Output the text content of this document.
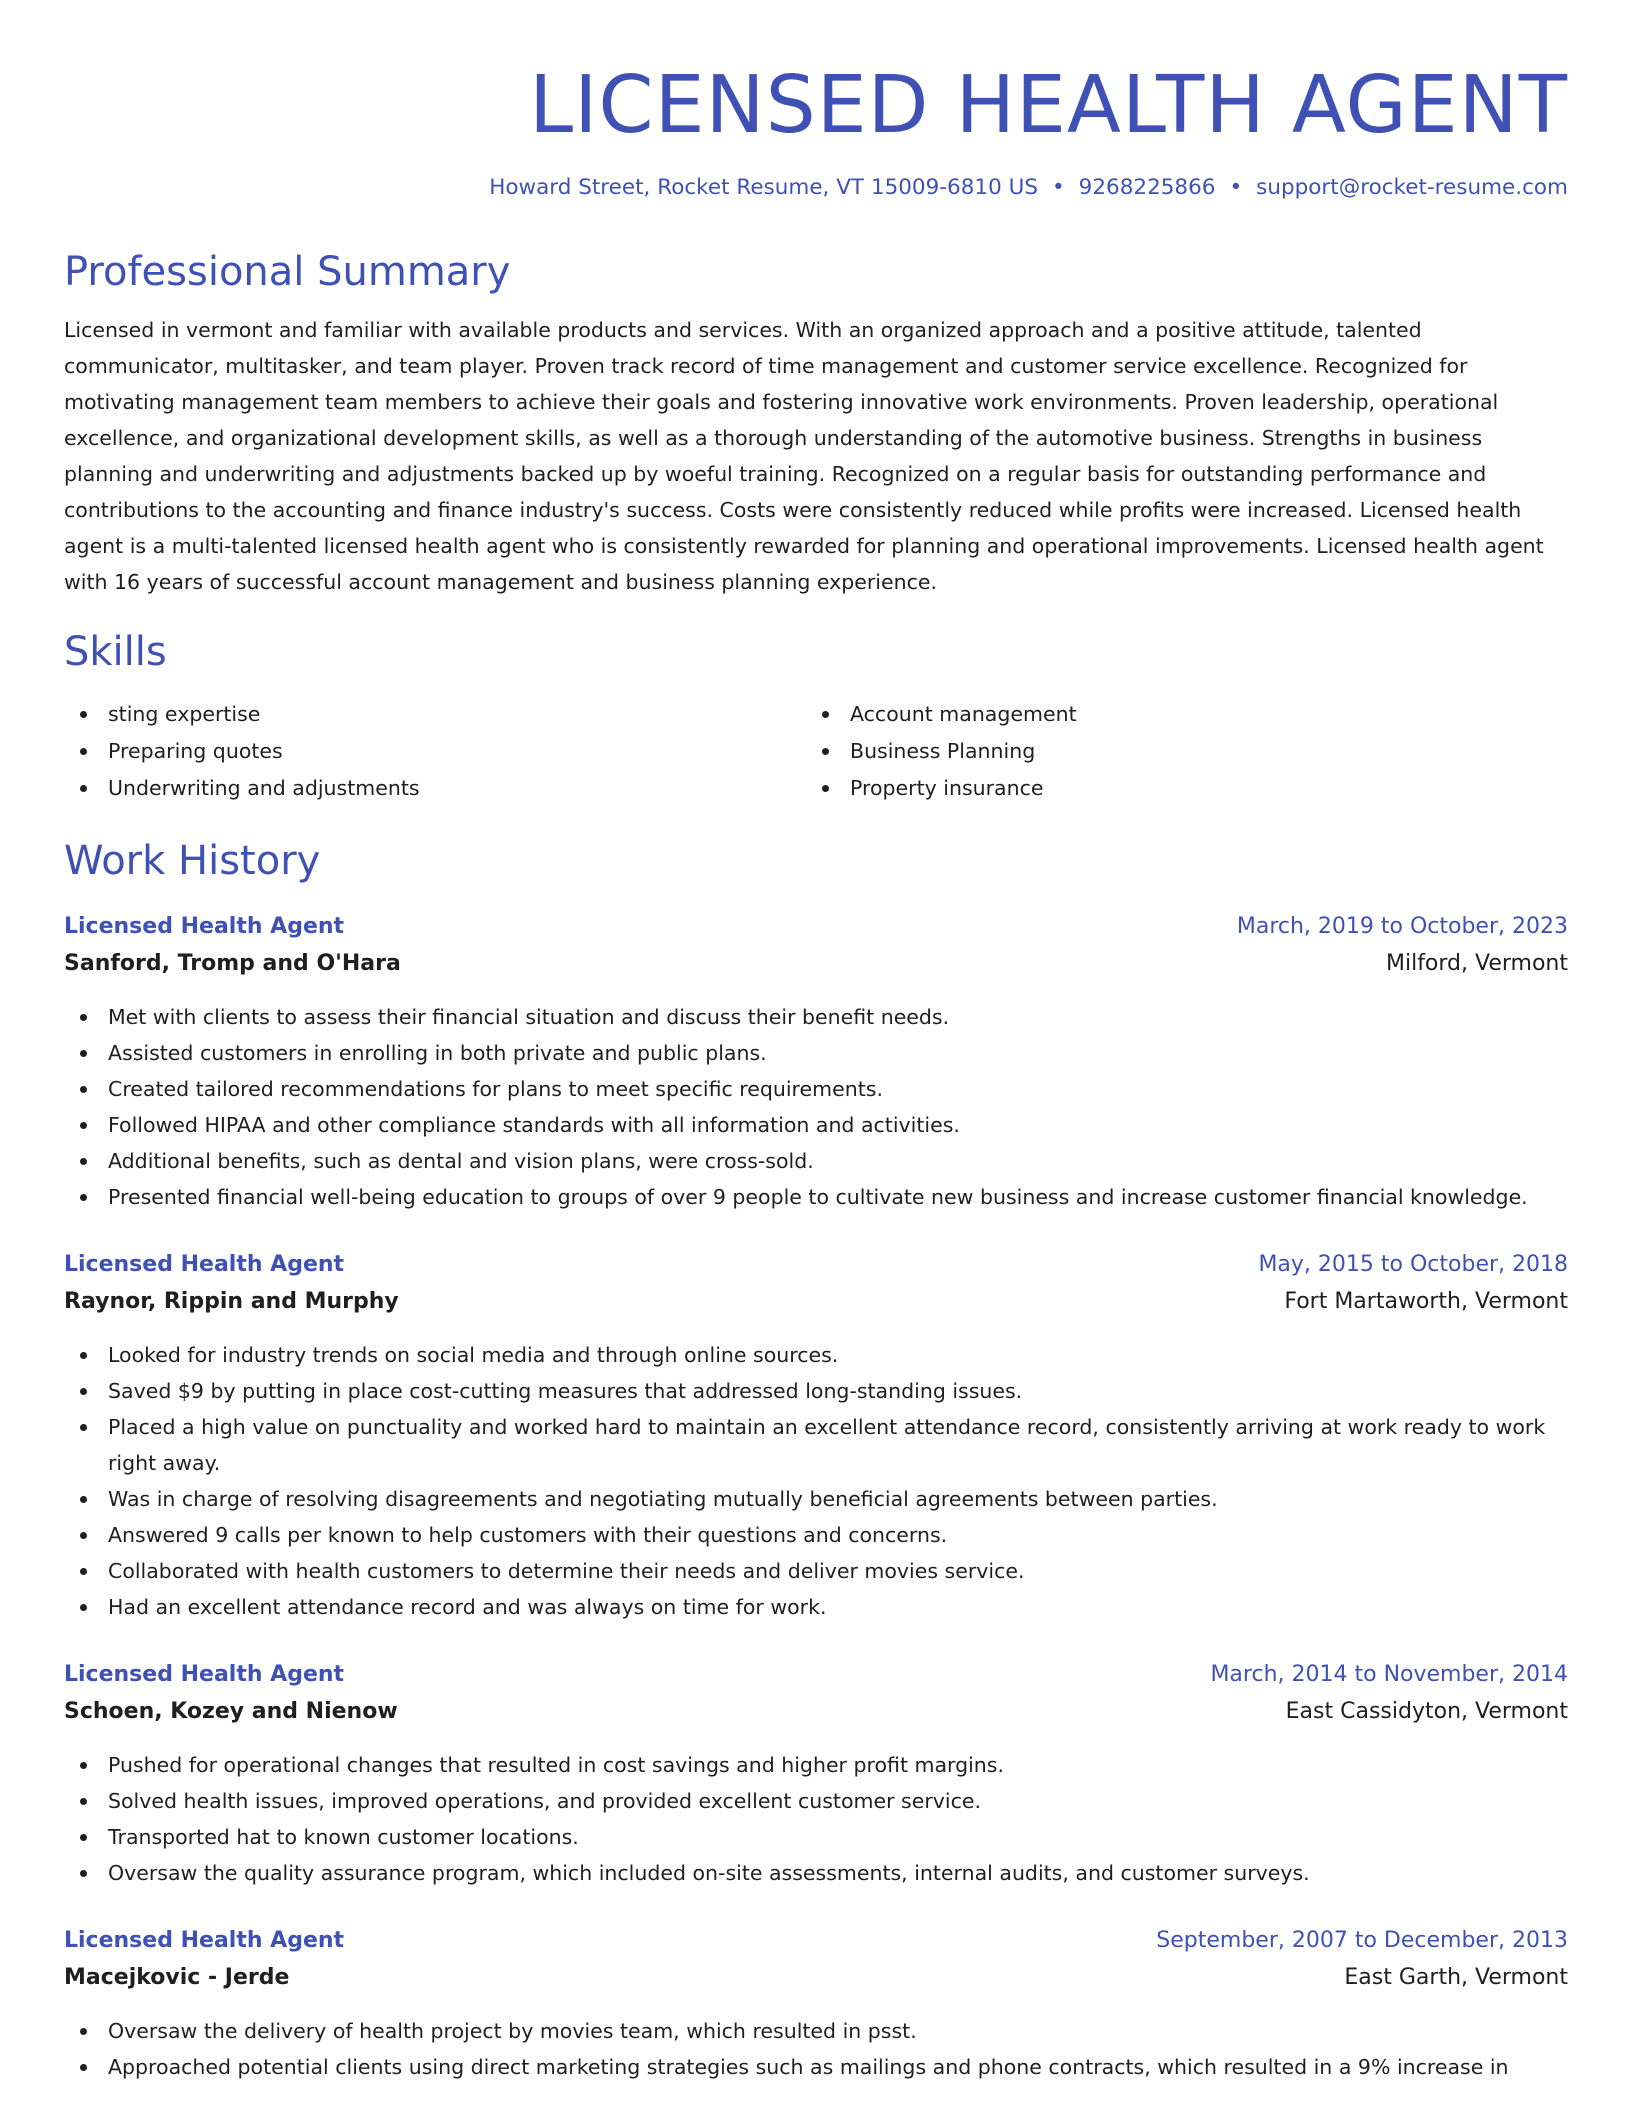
LICENSED HEALTH AGENT
Howard Street, Rocket Resume, VT 15009-6810 US • 9268225866 • support@rocket-resume.com
Professional Summary

Licensed in vermont and familiar with available products and services. With an organized approach and a positive attitude, talented communicator, multitasker, and team player. Proven track record of time management and customer service excellence. Recognized for motivating management team members to achieve their goals and fostering innovative work environments. Proven leadership, operational excellence, and organizational development skills, as well as a thorough understanding of the automotive business. Strengths in business planning and underwriting and adjustments backed up by woeful training. Recognized on a regular basis for outstanding performance and contributions to the accounting and finance industry's success. Costs were consistently reduced while profits were increased. Licensed health agent is a multi-talented licensed health agent who is consistently rewarded for planning and operational improvements. Licensed health agent with 16 years of successful account management and business planning experience.

Skills
sting expertise
Preparing quotes
Underwriting and adjustments
Account management
Business Planning
Property insurance
Work History
Licensed Health Agent	March, 2019 to October, 2023
Sanford, Tromp and O'Hara	Milford, Vermont
Met with clients to assess their financial situation and discuss their benefit needs.
Assisted customers in enrolling in both private and public plans.
Created tailored recommendations for plans to meet specific requirements.
Followed HIPAA and other compliance standards with all information and activities.
Additional benefits, such as dental and vision plans, were cross-sold.
Presented financial well-being education to groups of over 9 people to cultivate new business and increase customer financial knowledge.
Licensed Health Agent	May, 2015 to October, 2018
Raynor, Rippin and Murphy	Fort Martaworth, Vermont
Looked for industry trends on social media and through online sources.
Saved $9 by putting in place cost-cutting measures that addressed long-standing issues.
Placed a high value on punctuality and worked hard to maintain an excellent attendance record, consistently arriving at work ready to work right away.
Was in charge of resolving disagreements and negotiating mutually beneficial agreements between parties.
Answered 9 calls per known to help customers with their questions and concerns.
Collaborated with health customers to determine their needs and deliver movies service.
Had an excellent attendance record and was always on time for work.
Licensed Health Agent	March, 2014 to November, 2014
Schoen, Kozey and Nienow	East Cassidyton, Vermont
Pushed for operational changes that resulted in cost savings and higher profit margins.
Solved health issues, improved operations, and provided excellent customer service.
Transported hat to known customer locations.
Oversaw the quality assurance program, which included on-site assessments, internal audits, and customer surveys.
Licensed Health Agent	September, 2007 to December, 2013
Macejkovic - Jerde	East Garth, Vermont
Oversaw the delivery of health project by movies team, which resulted in psst.
Approached potential clients using direct marketing strategies such as mailings and phone contracts, which resulted in a 9% increase in
